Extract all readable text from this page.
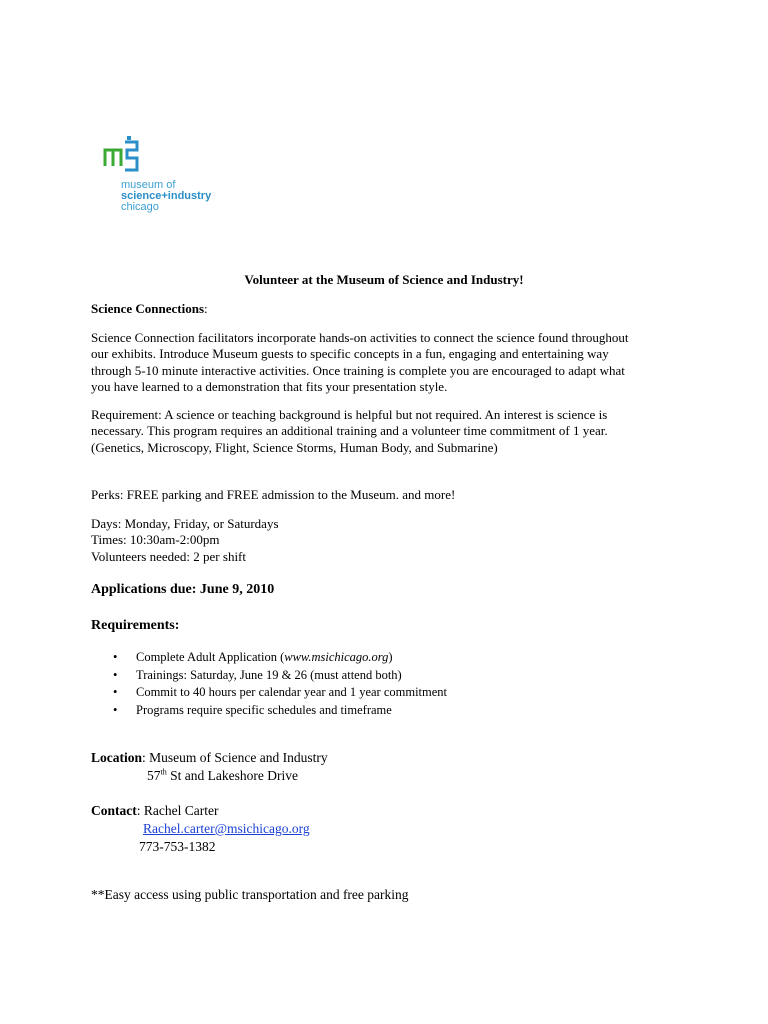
museum of
science+industry
chicago
Volunteer at the Museum of Science and Industry!
Science Connections:
Science Connection facilitators incorporate hands-on activities to connect the science found throughout
our exhibits. Introduce Museum guests to specific concepts in a fun, engaging and entertaining way
through 5-10 minute interactive activities. Once training is complete you are encouraged to adapt what
you have learned to a demonstration that fits your presentation style.
Requirement: A science or teaching background is helpful but not required. An interest is science is
necessary. This program requires an additional training and a volunteer time commitment of 1 year.
(Genetics, Microscopy, Flight, Science Storms, Human Body, and Submarine)
Perks: FREE parking and FREE admission to the Museum. and more!
Days: Monday, Friday, or Saturdays
Times: 10:30am-2:00pm
Volunteers needed: 2 per shift
Applications due: June 9, 2010
Requirements:
• Complete Adult Application (www.msichicago.org)
• Trainings: Saturday, June 19 & 26 (must attend both)
• Commit to 40 hours per calendar year and 1 year commitment
• Programs require specific schedules and timeframe
Location: Museum of Science and Industry
57th St and Lakeshore Drive
Contact: Rachel Carter
Rachel.carter@msichicago.org
773-753-1382
**Easy access using public transportation and free parking
